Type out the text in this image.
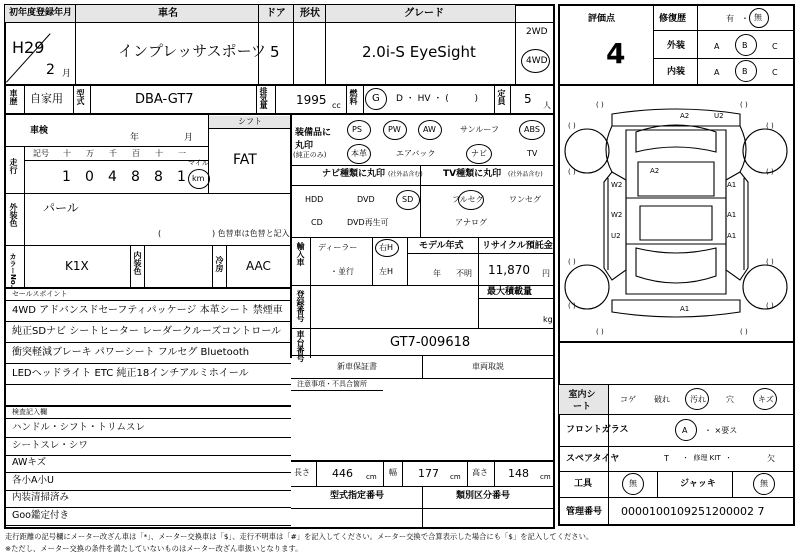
初年度登録年月	車名	ドア 形状	グレード
H29
2 月
インプレッサスポーツ 5	2.0i-S EyeSight
2WD
4WD
車歴 自家用 型式	DBA-GT7	排気量 1995 cc
燃料 G D ・ HV ・ (         ) 定員 5 人
車検
年	月
シフト
FAT
走行
記号 十 万 千 百 十 一
1 0 4 8 8 1
マイル
km
外装色 パール
(                    ) 色替車は色替と記入
カラーNo.	K1X	内装色	冷房 AAC
セールスポイント
4WD アドバンスドセーフティパッケージ 本革シート 禁煙車
純正SDナビ シートヒーター レーダークルーズコントロール
衝突軽減ブレーキ パワーシート フルセグ Bluetooth
LEDヘッドライト ETC 純正18インチアルミホイール
検査記入欄
ハンドル・シフト・トリムスレ
シートスレ・シワ
AWキズ
各小A小U
内装清掃済み
Goo鑑定付き
装備品に丸印
(純正のみ)
PS	PW	AW	サンルーフ	ABS
本革	エアバック	ナビ	TV
ナビ種類に丸印 (社外品含む) TV種類に丸印 (社外品含む)
HDD	DVD	SD
CD	DVD再生可
フルセグ	ワンセグ
アナログ
輸入車 ディーラー
・並行
右H
左H
モデル年式
年 不明
リサイクル預託金
11,870 円
登録番号	最大積載量
kg
車台番号	GT7-009618
新車保証書	車両取説
注意事項・不具合箇所
長さ 446 cm 幅 177 cm 高さ 148 cm
型式指定番号	類別区分番号
評価点
4
修復歴	有 ・ 無
外装	A	B	C
内装	A	B	C
( )	( )
( )	( )
( )	( )
( )	( )
( )	( )
( )	( )
A2	U2
A2
W2	A1
W2	A1
U2	A1
A1
室内シート
コゲ 破れ	汚れ	穴	キズ
フロントガラス	A ・ ×要ス
スペアタイヤ	T ・  修理 KIT  ・	欠
工具	無	ジャッキ	無
管理番号 0000100109251200002 7
走行距離の記号欄にメーター改ざん車は「*」、メーター交換車は「$」、走行不明車は「#」を記入してください。メーター交換で合算表示した場合にも「$」を記入してください。
※ただし、メーター交換の条件を満たしていないものはメーター改ざん車扱いとなります。
